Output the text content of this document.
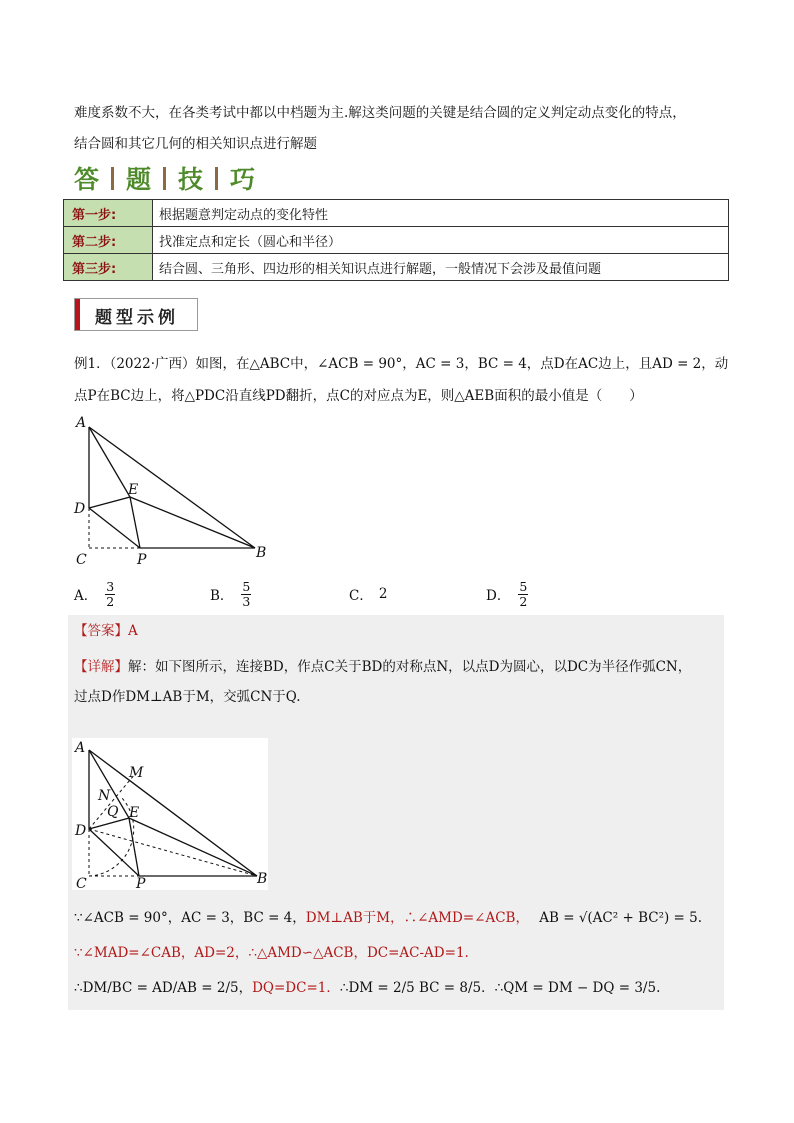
难度系数不大，在各类考试中都以中档题为主.解这类问题的关键是结合圆的定义判定动点变化的特点，

结合圆和其它几何的相关知识点进行解题

答 题 技 巧
第一步:	根据题意判定动点的变化特性
第二步:	找准定点和定长（圆心和半径）
第三步:	结合圆、三角形、四边形的相关知识点进行解题，一般情况下会涉及最值问题
题型示例

例1．（2022·广西）如图，在△ABC中，∠ACB = 90°，AC = 3，BC = 4，点D在AC边上，且AD = 2，动

点P在BC边上，将△PDC沿直线PD翻折，点C的对应点为E，则△AEB面积的最小值是（　　）

A
D
C
E
P	B
A． $\frac{3}{2}$	B． $\frac{5}{3}$	C． 2	D． $\frac{5}{2}$
【答案】A

【详解】解：如下图所示，连接BD，作点C关于BD的对称点N，以点D为圆心，以DC为半径作弧CN，

过点D作DM⊥AB于M，交弧CN于Q.

A
D
C
E
P	B
M
N
Q
∵∠ACB = 90°，AC = 3，BC = 4，DM⊥AB于M，∴∠AMD=∠ACB， AB = √(AC² + BC²) = 5.
∵∠MAD=∠CAB，AD=2，∴△AMD∽△ACB，DC=AC-AD=1.
∴DM/BC = AD/AB = 2/5，DQ=DC=1．∴DM = 2/5 BC = 8/5．∴QM = DM − DQ = 3/5.
